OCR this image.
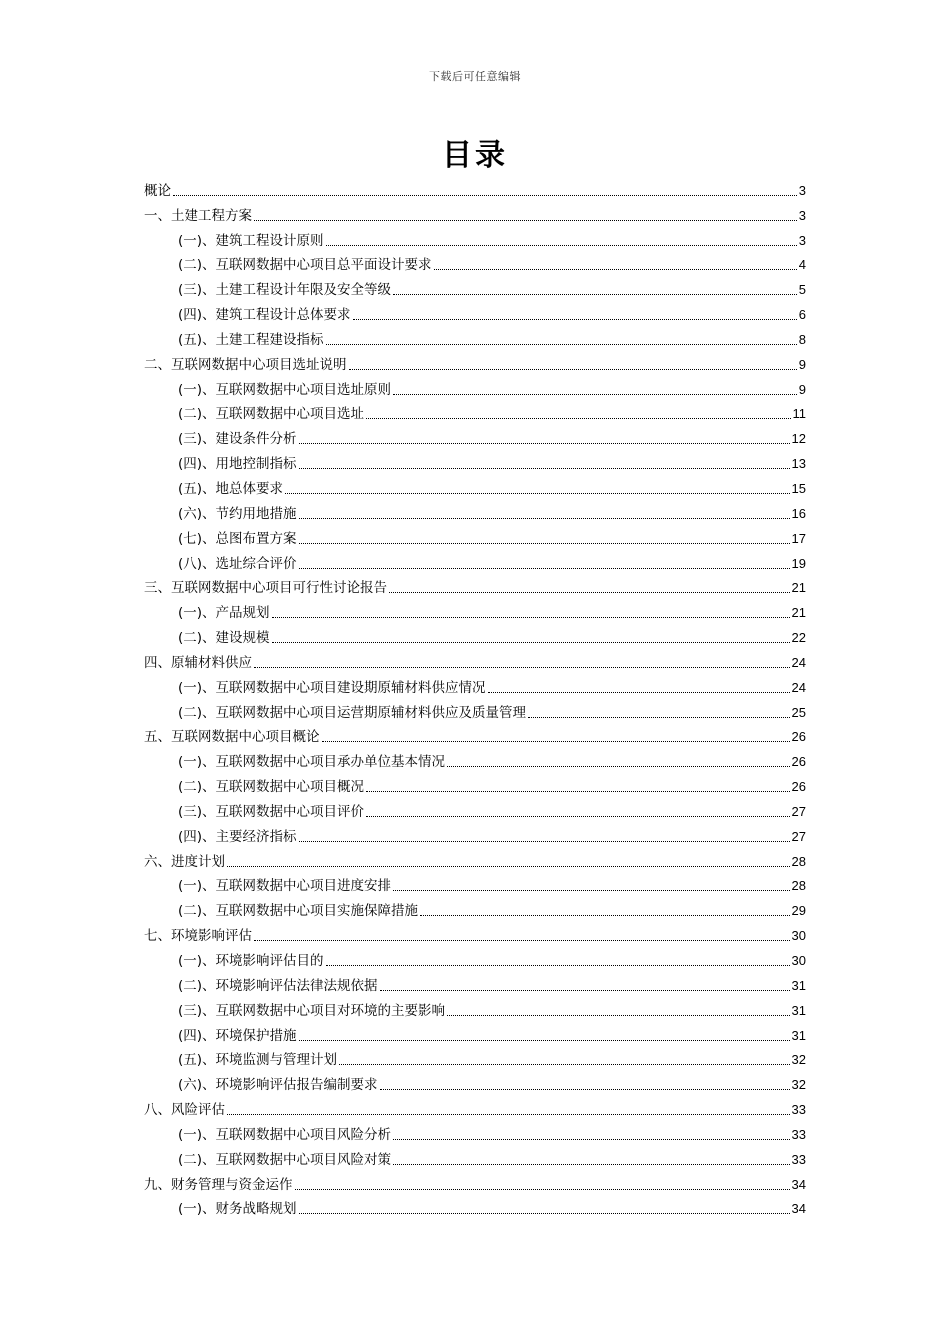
下载后可任意编辑
目录
概论	3
一、土建工程方案	3
(一)、建筑工程设计原则	3
(二)、互联网数据中心项目总平面设计要求	4
(三)、土建工程设计年限及安全等级	5
(四)、建筑工程设计总体要求	6
(五)、土建工程建设指标	8
二、互联网数据中心项目选址说明	9
(一)、互联网数据中心项目选址原则	9
(二)、互联网数据中心项目选址	11
(三)、建设条件分析	12
(四)、用地控制指标	13
(五)、地总体要求	15
(六)、节约用地措施	16
(七)、总图布置方案	17
(八)、选址综合评价	19
三、互联网数据中心项目可行性讨论报告	21
(一)、产品规划	21
(二)、建设规模	22
四、原辅材料供应	24
(一)、互联网数据中心项目建设期原辅材料供应情况	24
(二)、互联网数据中心项目运营期原辅材料供应及质量管理	25
五、互联网数据中心项目概论	26
(一)、互联网数据中心项目承办单位基本情况	26
(二)、互联网数据中心项目概况	26
(三)、互联网数据中心项目评价	27
(四)、主要经济指标	27
六、进度计划	28
(一)、互联网数据中心项目进度安排	28
(二)、互联网数据中心项目实施保障措施	29
七、环境影响评估	30
(一)、环境影响评估目的	30
(二)、环境影响评估法律法规依据	31
(三)、互联网数据中心项目对环境的主要影响	31
(四)、环境保护措施	31
(五)、环境监测与管理计划	32
(六)、环境影响评估报告编制要求	32
八、风险评估	33
(一)、互联网数据中心项目风险分析	33
(二)、互联网数据中心项目风险对策	33
九、财务管理与资金运作	34
(一)、财务战略规划	34
